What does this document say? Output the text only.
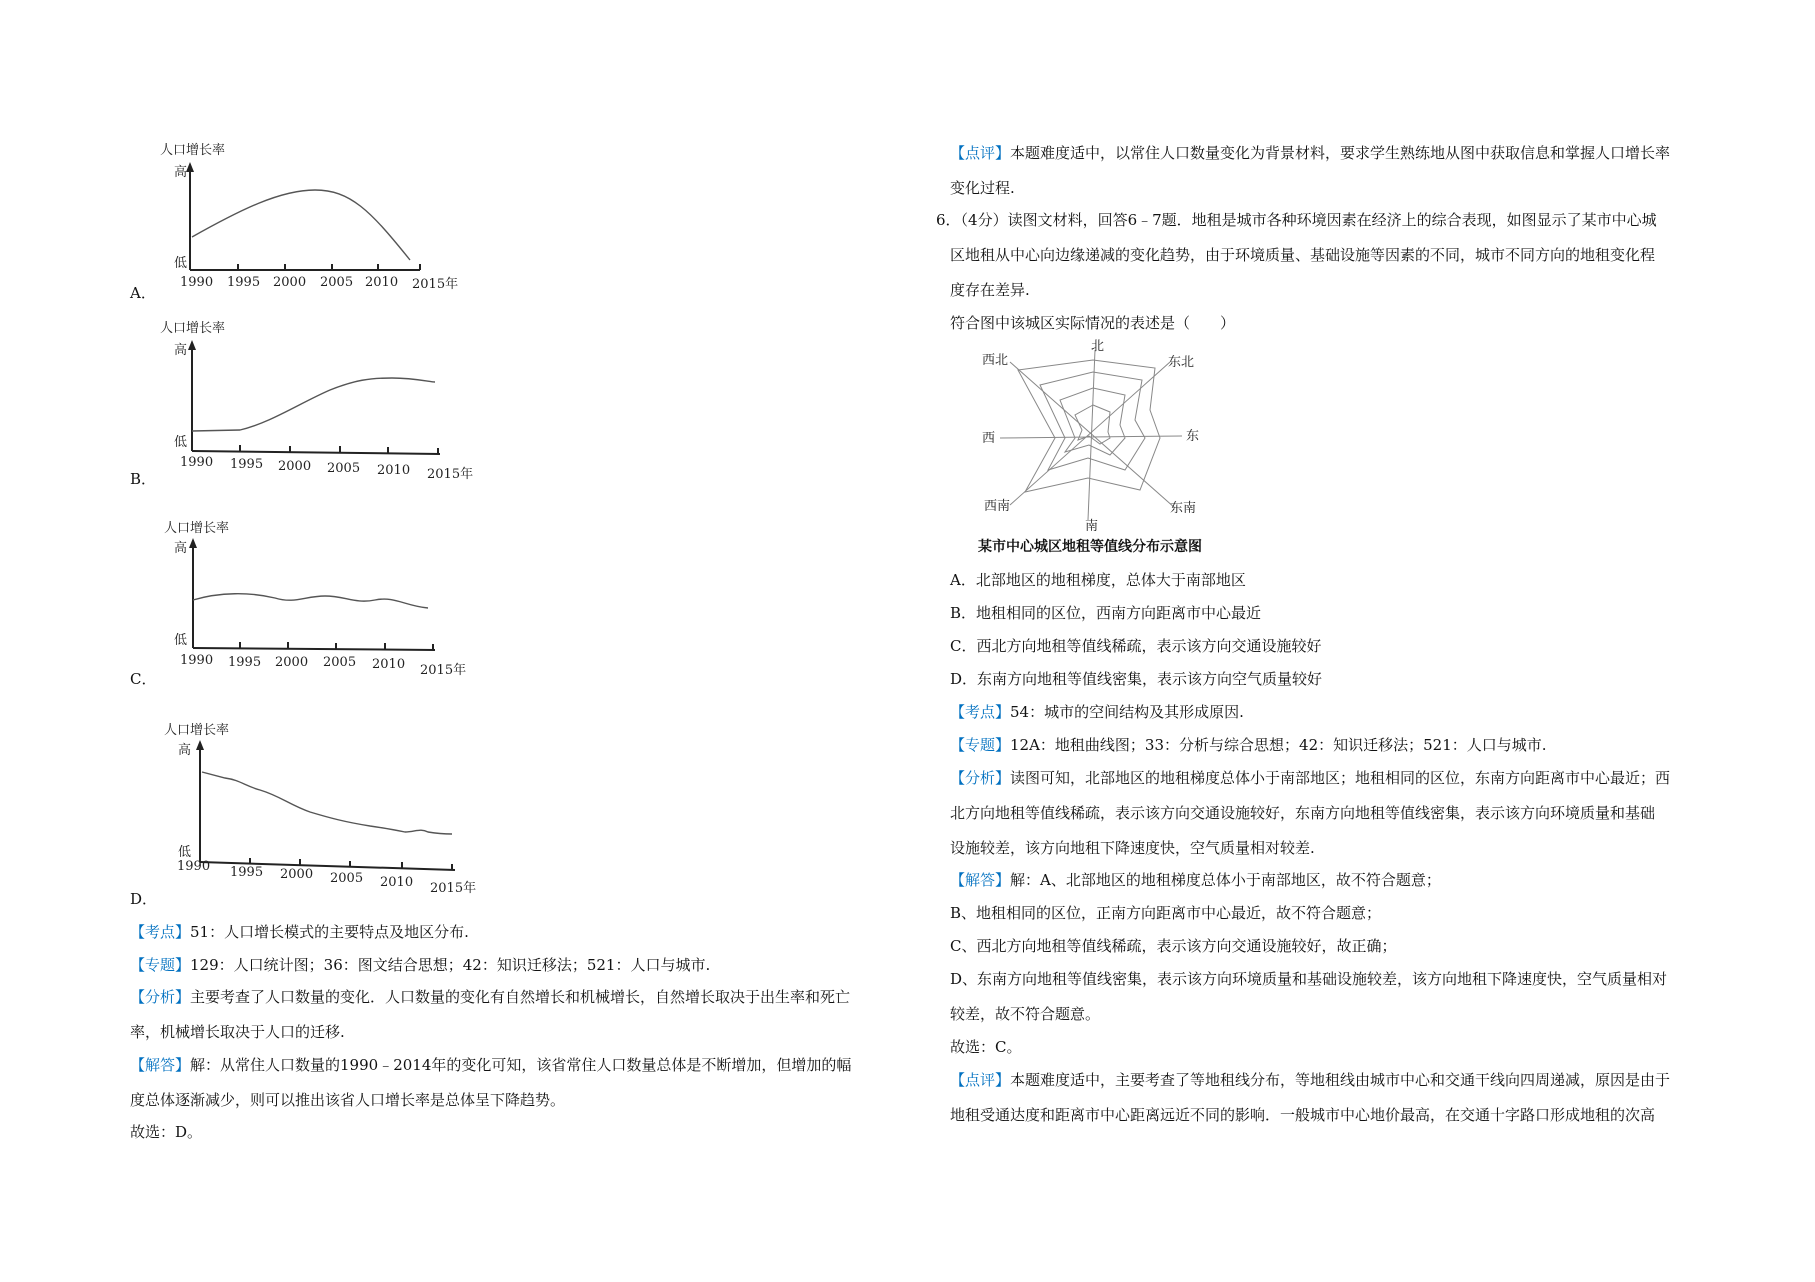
人口增长率
高
低
1990 1995 2000 2005 2010 2015年
A．
人口增长率
高
低
1990 1995 2000 2005 2010 2015年
B．
人口增长率
高
低
1990 1995 2000 2005 2010 2015年
C．
人口增长率
高
低
1990 1995 2000 2005 2010 2015年
D．
【考点】51：人口增长模式的主要特点及地区分布.
【专题】129：人口统计图；36：图文结合思想；42：知识迁移法；521：人口与城市.
【分析】主要考查了人口数量的变化．人口数量的变化有自然增长和机械增长，自然增长取决于出生率和死亡
率，机械增长取决于人口的迁移.
【解答】解：从常住人口数量的1990﹣2014年的变化可知，该省常住人口数量总体是不断增加，但增加的幅
度总体逐渐减少，则可以推出该省人口增长率是总体呈下降趋势。
故选：D。
【点评】本题难度适中，以常住人口数量变化为背景材料，要求学生熟练地从图中获取信息和掌握人口增长率
变化过程.
6．（4分）读图文材料，回答6﹣7题．地租是城市各种环境因素在经济上的综合表现，如图显示了某市中心城
区地租从中心向边缘递减的变化趋势，由于环境质量、基础设施等因素的不同，城市不同方向的地租变化程
度存在差异.
符合图中该城区实际情况的表述是（　　）
北
南
东
西
东北
西北
东南
西南
某市中心城区地租等值线分布示意图
A．北部地区的地租梯度，总体大于南部地区
B．地租相同的区位，西南方向距离市中心最近
C．西北方向地租等值线稀疏，表示该方向交通设施较好
D．东南方向地租等值线密集，表示该方向空气质量较好
【考点】54：城市的空间结构及其形成原因.
【专题】12A：地租曲线图；33：分析与综合思想；42：知识迁移法；521：人口与城市.
【分析】读图可知，北部地区的地租梯度总体小于南部地区；地租相同的区位，东南方向距离市中心最近；西
北方向地租等值线稀疏，表示该方向交通设施较好，东南方向地租等值线密集，表示该方向环境质量和基础
设施较差，该方向地租下降速度快，空气质量相对较差.
【解答】解：A、北部地区的地租梯度总体小于南部地区，故不符合题意；
B、地租相同的区位，正南方向距离市中心最近，故不符合题意；
C、西北方向地租等值线稀疏，表示该方向交通设施较好，故正确；
D、东南方向地租等值线密集，表示该方向环境质量和基础设施较差，该方向地租下降速度快，空气质量相对
较差，故不符合题意。
故选：C。
【点评】本题难度适中，主要考查了等地租线分布，等地租线由城市中心和交通干线向四周递减，原因是由于
地租受通达度和距离市中心距离远近不同的影响．一般城市中心地价最高，在交通十字路口形成地租的次高
